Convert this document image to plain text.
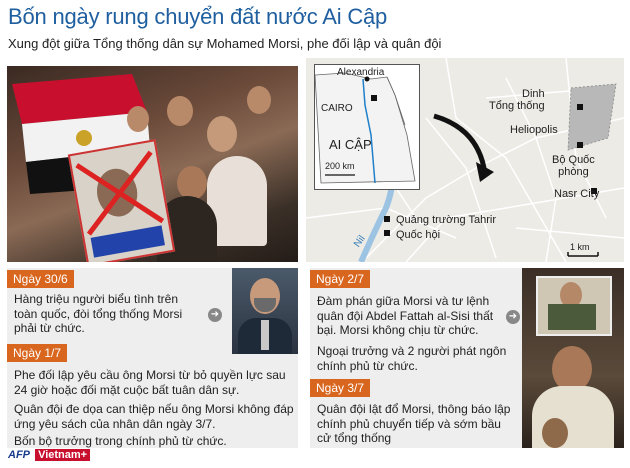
Bốn ngày rung chuyển đất nước Ai Cập
Xung đột giữa Tổng thống dân sự Mohamed Morsi, phe đối lập và quân đội
Alexandria
CAIRO
AI CẬP
200 km
Dinh
Tổng thống
Heliopolis
Bộ Quốc
phòng
Nasr City
Quảng trường Tahrir
Quốc hội
Nil	1 km
Ngày 30/6
Hàng triệu người biểu tình trên toàn quốc, đòi tổng thống Morsi phải từ chức.
➜
Ngày 1/7
Phe đối lập yêu cầu ông Morsi từ bỏ quyền lực sau 24 giờ hoặc đối mặt cuộc bất tuân dân sự.
Quân đội đe dọa can thiệp nếu ông Morsi không đáp ứng yêu sách của nhân dân ngày 3/7.
Bốn bộ trưởng trong chính phủ từ chức.
Ngày 2/7
Đàm phán giữa Morsi và tư lệnh quân đội Abdel Fattah al-Sisi thất bại. Morsi không chịu từ chức.
Ngoại trưởng và 2 người phát ngôn chính phủ từ chức.
➜
Ngày 3/7
Quân đội lật đổ Morsi, thông báo lập chính phủ chuyển tiếp và sớm bầu cử tổng thống
AFP Vietnam+
